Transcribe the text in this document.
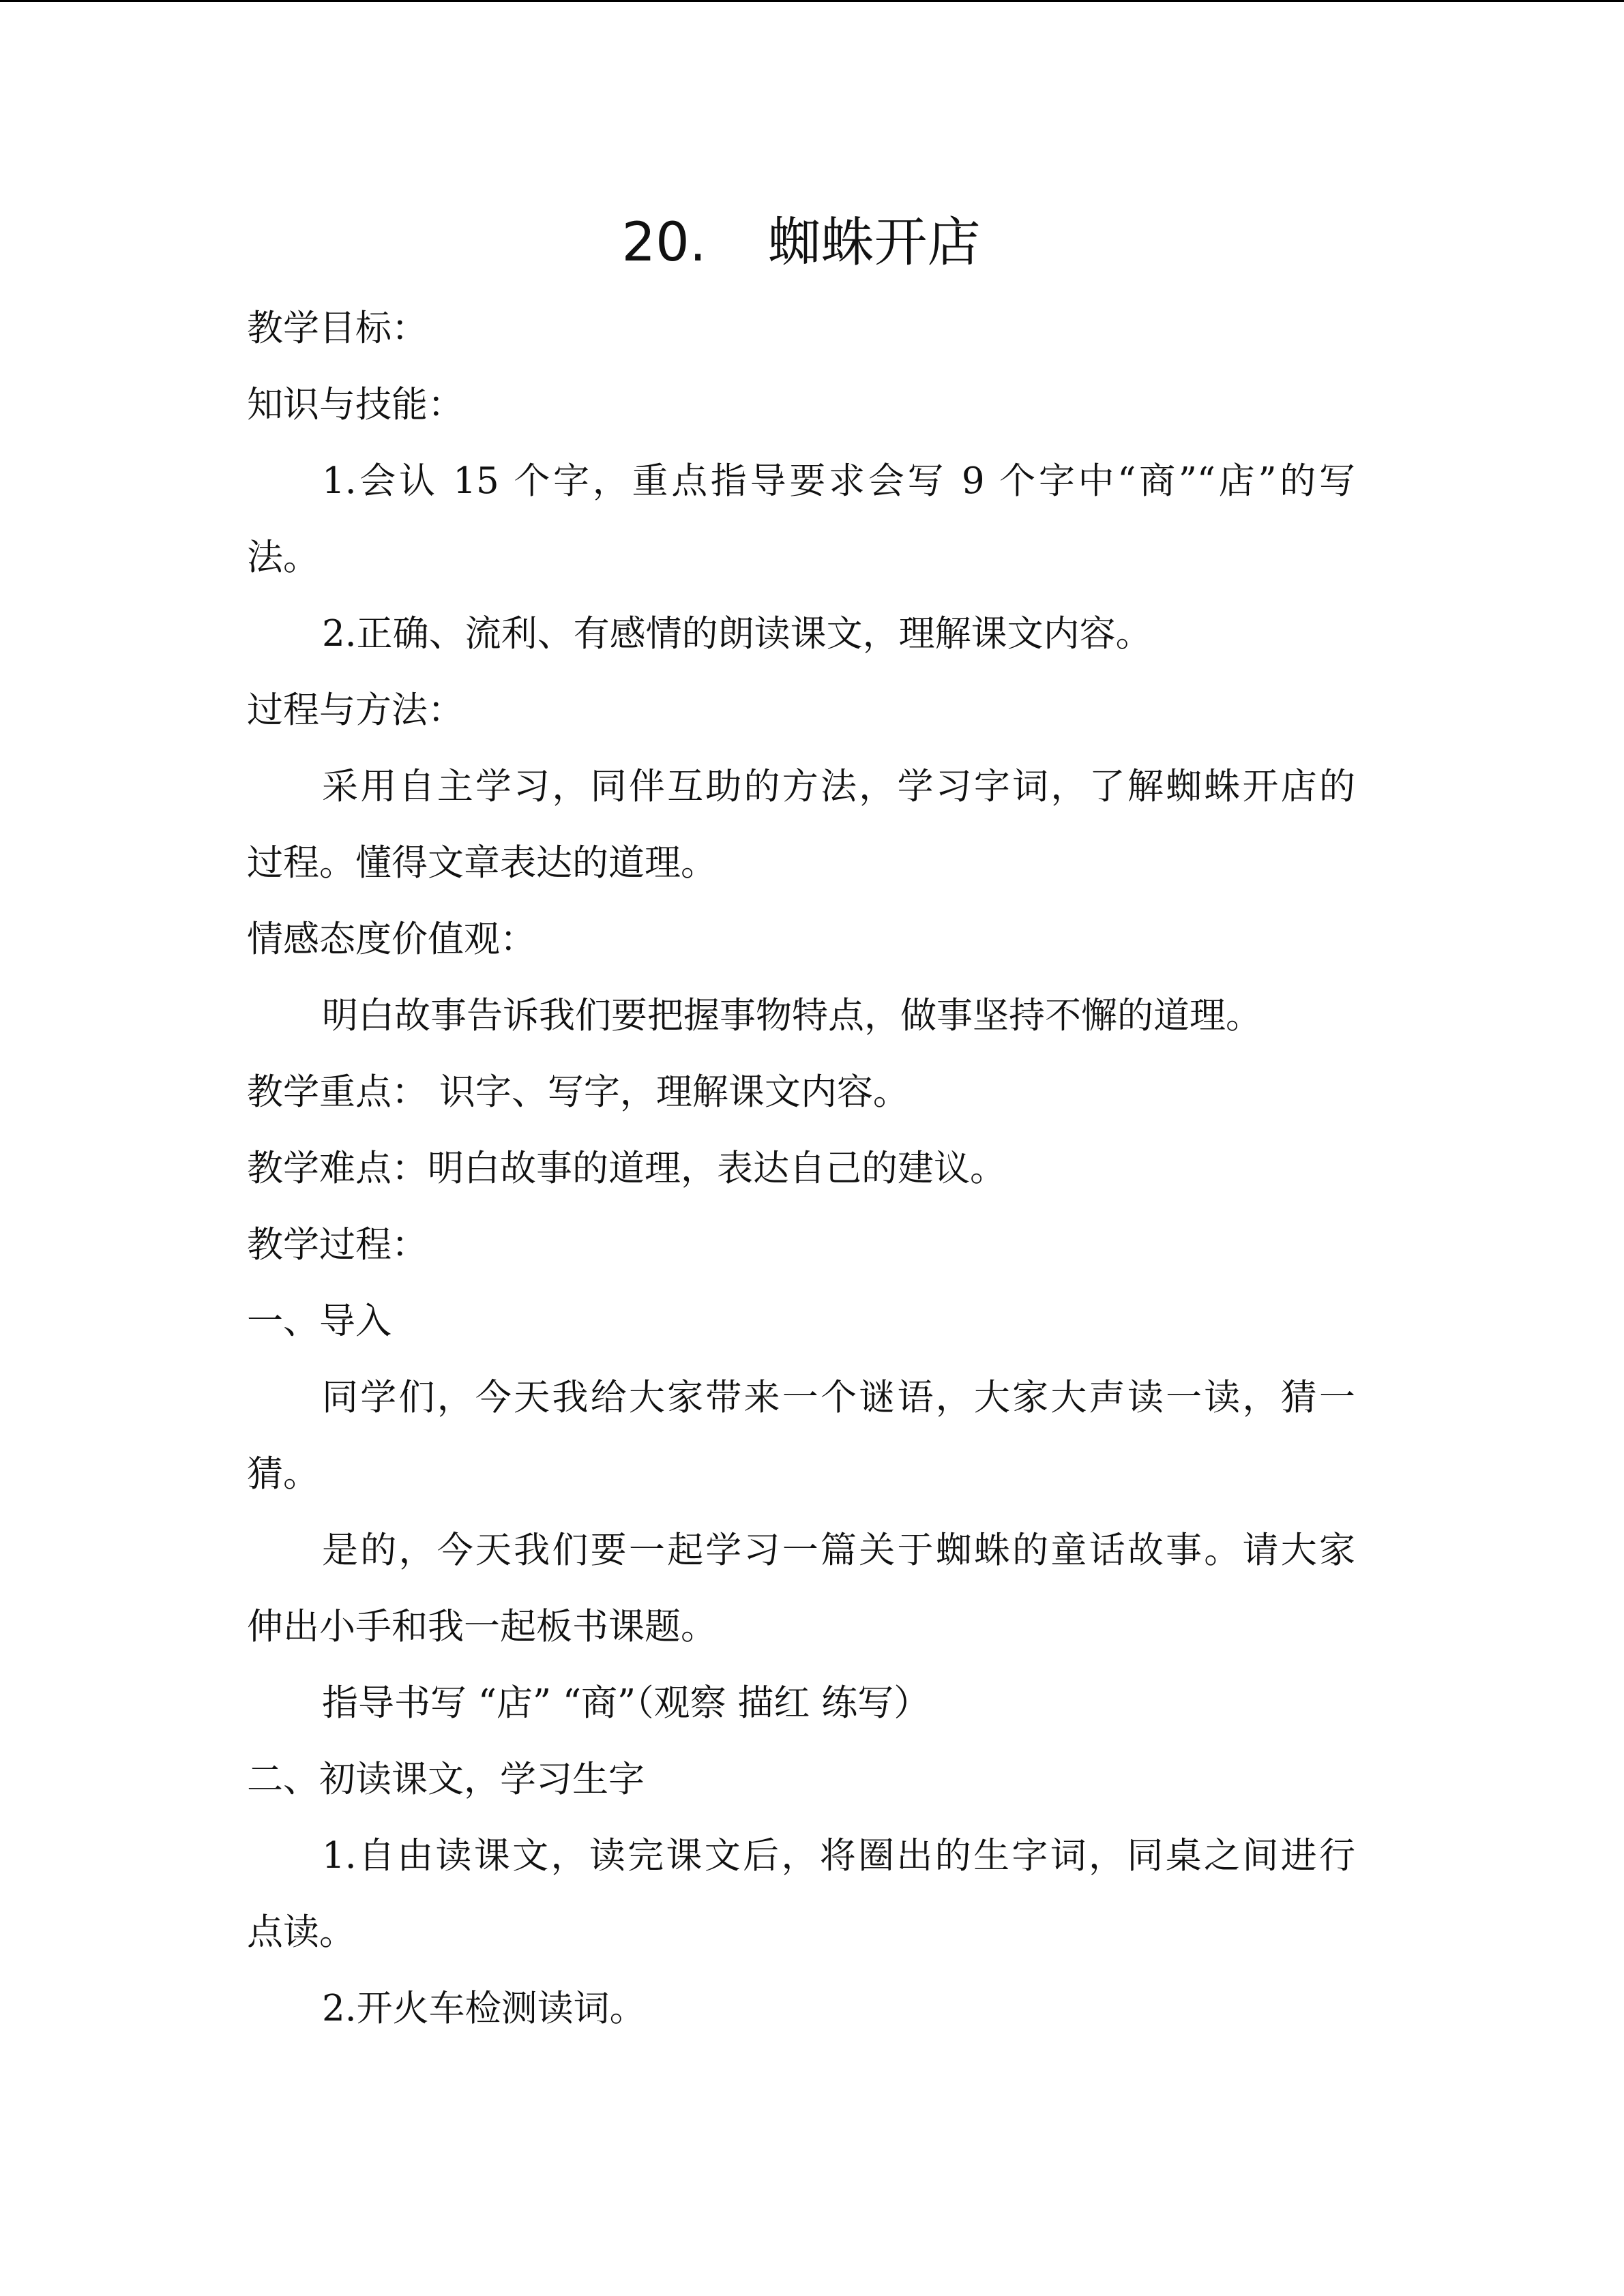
20. 蜘蛛开店

教学目标：

知识与技能：

1.会认 15 个字，重点指导要求会写 9 个字中“商”“店”的写

法。

2.正确、流利、有感情的朗读课文，理解课文内容。

过程与方法：

采用自主学习，同伴互助的方法，学习字词，了解蜘蛛开店的

过程。懂得文章表达的道理。

情感态度价值观：

明白故事告诉我们要把握事物特点，做事坚持不懈的道理。

教学重点： 识字、写字，理解课文内容。

教学难点：明白故事的道理，表达自己的建议。

教学过程：

一、导入

同学们，今天我给大家带来一个谜语，大家大声读一读，猜一

猜。

是的，今天我们要一起学习一篇关于蜘蛛的童话故事。请大家

伸出小手和我一起板书课题。

指导书写 “店” “商”（观察 描红 练写）

二、初读课文，学习生字

1.自由读课文，读完课文后，将圈出的生字词，同桌之间进行

点读。

2.开火车检测读词。
